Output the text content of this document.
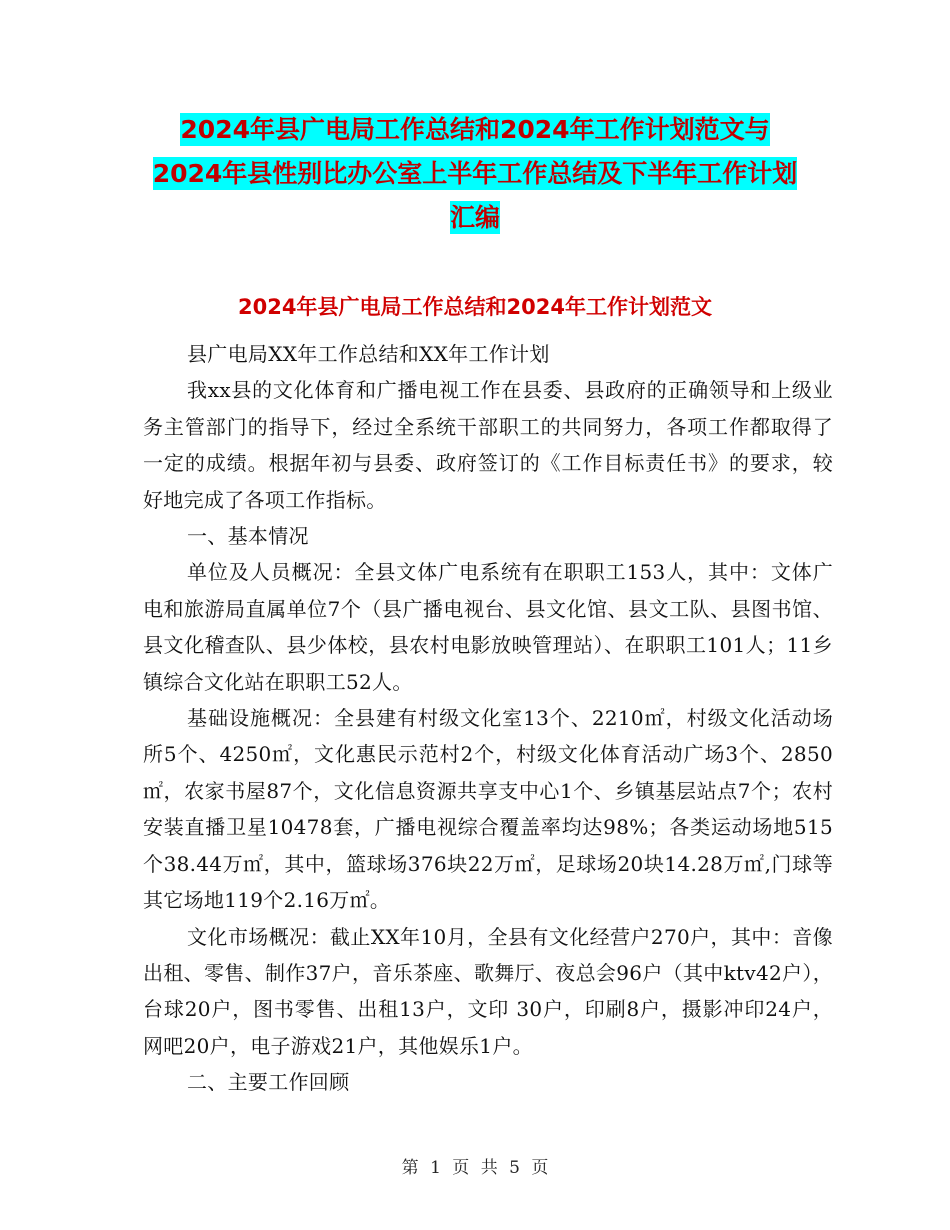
2024年县广电局工作总结和2024年工作计划范文与
2024年县性别比办公室上半年工作总结及下半年工作计划
汇编
2024年县广电局工作总结和2024年工作计划范文

县广电局XX年工作总结和XX年工作计划

我xx县的文化体育和广播电视工作在县委、县政府的正确领导和上级业务主管部门的指导下，经过全系统干部职工的共同努力，各项工作都取得了一定的成绩。根据年初与县委、政府签订的《工作目标责任书》的要求，较好地完成了各项工作指标。

一、基本情况

单位及人员概况：全县文体广电系统有在职职工153人，其中：文体广电和旅游局直属单位7个（县广播电视台、县文化馆、县文工队、县图书馆、县文化稽查队、县少体校，县农村电影放映管理站）、在职职工101人；11乡镇综合文化站在职职工52人。

基础设施概况：全县建有村级文化室13个、2210㎡，村级文化活动场所5个、4250㎡，文化惠民示范村2个，村级文化体育活动广场3个、2850㎡，农家书屋87个，文化信息资源共享支中心1个、乡镇基层站点7个；农村安装直播卫星10478套，广播电视综合覆盖率均达98%；各类运动场地515个38.44万㎡，其中，篮球场376块22万㎡，足球场20块14.28万㎡,门球等其它场地119个2.16万㎡。

文化市场概况：截止XX年10月，全县有文化经营户270户，其中：音像出租、零售、制作37户，音乐茶座、歌舞厅、夜总会96户（其中ktv42户），台球20户，图书零售、出租13户，文印 30户，印刷8户，摄影冲印24户，网吧20户，电子游戏21户，其他娱乐1户。

二、主要工作回顾

第 1 页 共 5 页
